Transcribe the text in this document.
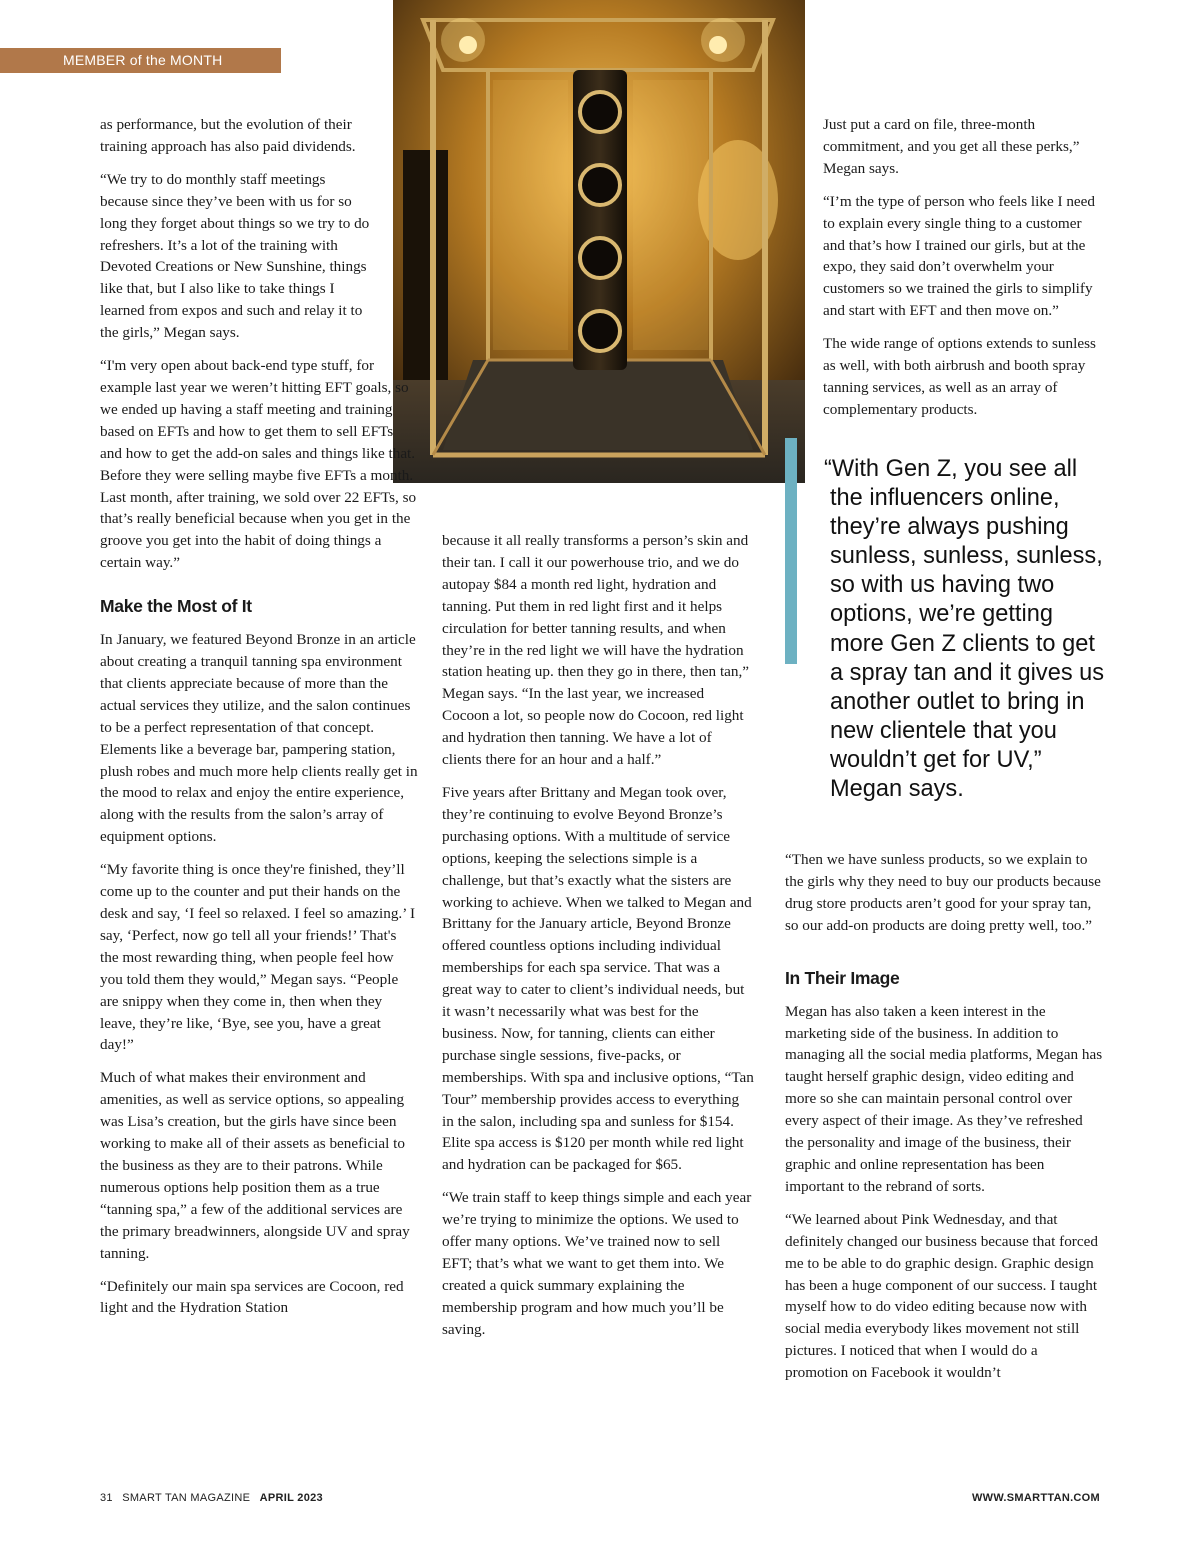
MEMBER of the MONTH

as performance, but the evolution of their training approach has also paid dividends.

“We try to do monthly staff meetings because since they’ve been with us for so long they forget about things so we try to do refreshers. It’s a lot of the training with Devoted Creations or New Sunshine, things like that, but I also like to take things I learned from expos and such and relay it to the girls,” Megan says.

“I'm very open about back-end type stuff, for example last year we weren’t hitting EFT goals, so we ended up having a staff meeting and training based on EFTs and how to get them to sell EFTs and how to get the add-on sales and things like that. Before they were selling maybe five EFTs a month. Last month, after training, we sold over 22 EFTs, so that’s really beneficial because when you get in the groove you get into the habit of doing things a certain way.”

Make the Most of It

In January, we featured Beyond Bronze in an article about creating a tranquil tanning spa environment that clients appreciate because of more than the actual services they utilize, and the salon continues to be a perfect representation of that concept. Elements like a beverage bar, pampering station, plush robes and much more help clients really get in the mood to relax and enjoy the entire experience, along with the results from the salon’s array of equipment options.

“My favorite thing is once they're finished, they’ll come up to the counter and put their hands on the desk and say, ‘I feel so relaxed. I feel so amazing.’ I say, ‘Perfect, now go tell all your friends!’ That's the most rewarding thing, when people feel how you told them they would,” Megan says. “People are snippy when they come in, then when they leave, they’re like, ‘Bye, see you, have a great day!”

Much of what makes their environment and amenities, as well as service options, so appealing was Lisa’s creation, but the girls have since been working to make all of their assets as beneficial to the business as they are to their patrons. While numerous options help position them as a true “tanning spa,” a few of the additional services are the primary breadwinners, alongside UV and spray tanning.

“Definitely our main spa services are Cocoon, red light and the Hydration Station

because it all really transforms a person’s skin and their tan. I call it our powerhouse trio, and we do autopay $84 a month red light, hydration and tanning. Put them in red light first and it helps circulation for better tanning results, and when they’re in the red light we will have the hydration station heating up. then they go in there, then tan,” Megan says. “In the last year, we increased Cocoon a lot, so people now do Cocoon, red light and hydration then tanning. We have a lot of clients there for an hour and a half.”

Five years after Brittany and Megan took over, they’re continuing to evolve Beyond Bronze’s purchasing options. With a multitude of service options, keeping the selections simple is a challenge, but that’s exactly what the sisters are working to achieve. When we talked to Megan and Brittany for the January article, Beyond Bronze offered countless options including individual memberships for each spa service. That was a great way to cater to client’s individual needs, but it wasn’t necessarily what was best for the business. Now, for tanning, clients can either purchase single sessions, five-packs, or memberships. With spa and inclusive options, “Tan Tour” membership provides access to everything in the salon, including spa and sunless for $154. Elite spa access is $120 per month while red light and hydration can be packaged for $65.

“We train staff to keep things simple and each year we’re trying to minimize the options. We used to offer many options. We’ve trained now to sell EFT; that’s what we want to get them into. We created a quick summary explaining the membership program and how much you’ll be saving.

Just put a card on file, three-month commitment, and you get all these perks,” Megan says.

“I’m the type of person who feels like I need to explain every single thing to a customer and that’s how I trained our girls, but at the expo, they said don’t overwhelm your customers so we trained the girls to simplify and start with EFT and then move on.”

The wide range of options extends to sunless as well, with both airbrush and booth spray tanning services, as well as an array of complementary products.

“With Gen Z, you see all the influencers online, they’re always pushing sunless, sunless, sunless, so with us having two options, we’re getting more Gen Z clients to get a spray tan and it gives us another outlet to bring in new clientele that you wouldn’t get for UV,” Megan says.

“Then we have sunless products, so we explain to the girls why they need to buy our products because drug store products aren’t good for your spray tan, so our add-on products are doing pretty well, too.”

In Their Image

Megan has also taken a keen interest in the marketing side of the business. In addition to managing all the social media platforms, Megan has taught herself graphic design, video editing and more so she can maintain personal control over every aspect of their image. As they’ve refreshed the personality and image of the business, their graphic and online representation has been important to the rebrand of sorts.

“We learned about Pink Wednesday, and that definitely changed our business because that forced me to be able to do graphic design. Graphic design has been a huge component of our success. I taught myself how to do video editing because now with social media everybody likes movement not still pictures. I noticed that when I would do a promotion on Facebook it wouldn’t

31 SMART TAN MAGAZINE APRIL 2023	WWW.SMARTTAN.COM
